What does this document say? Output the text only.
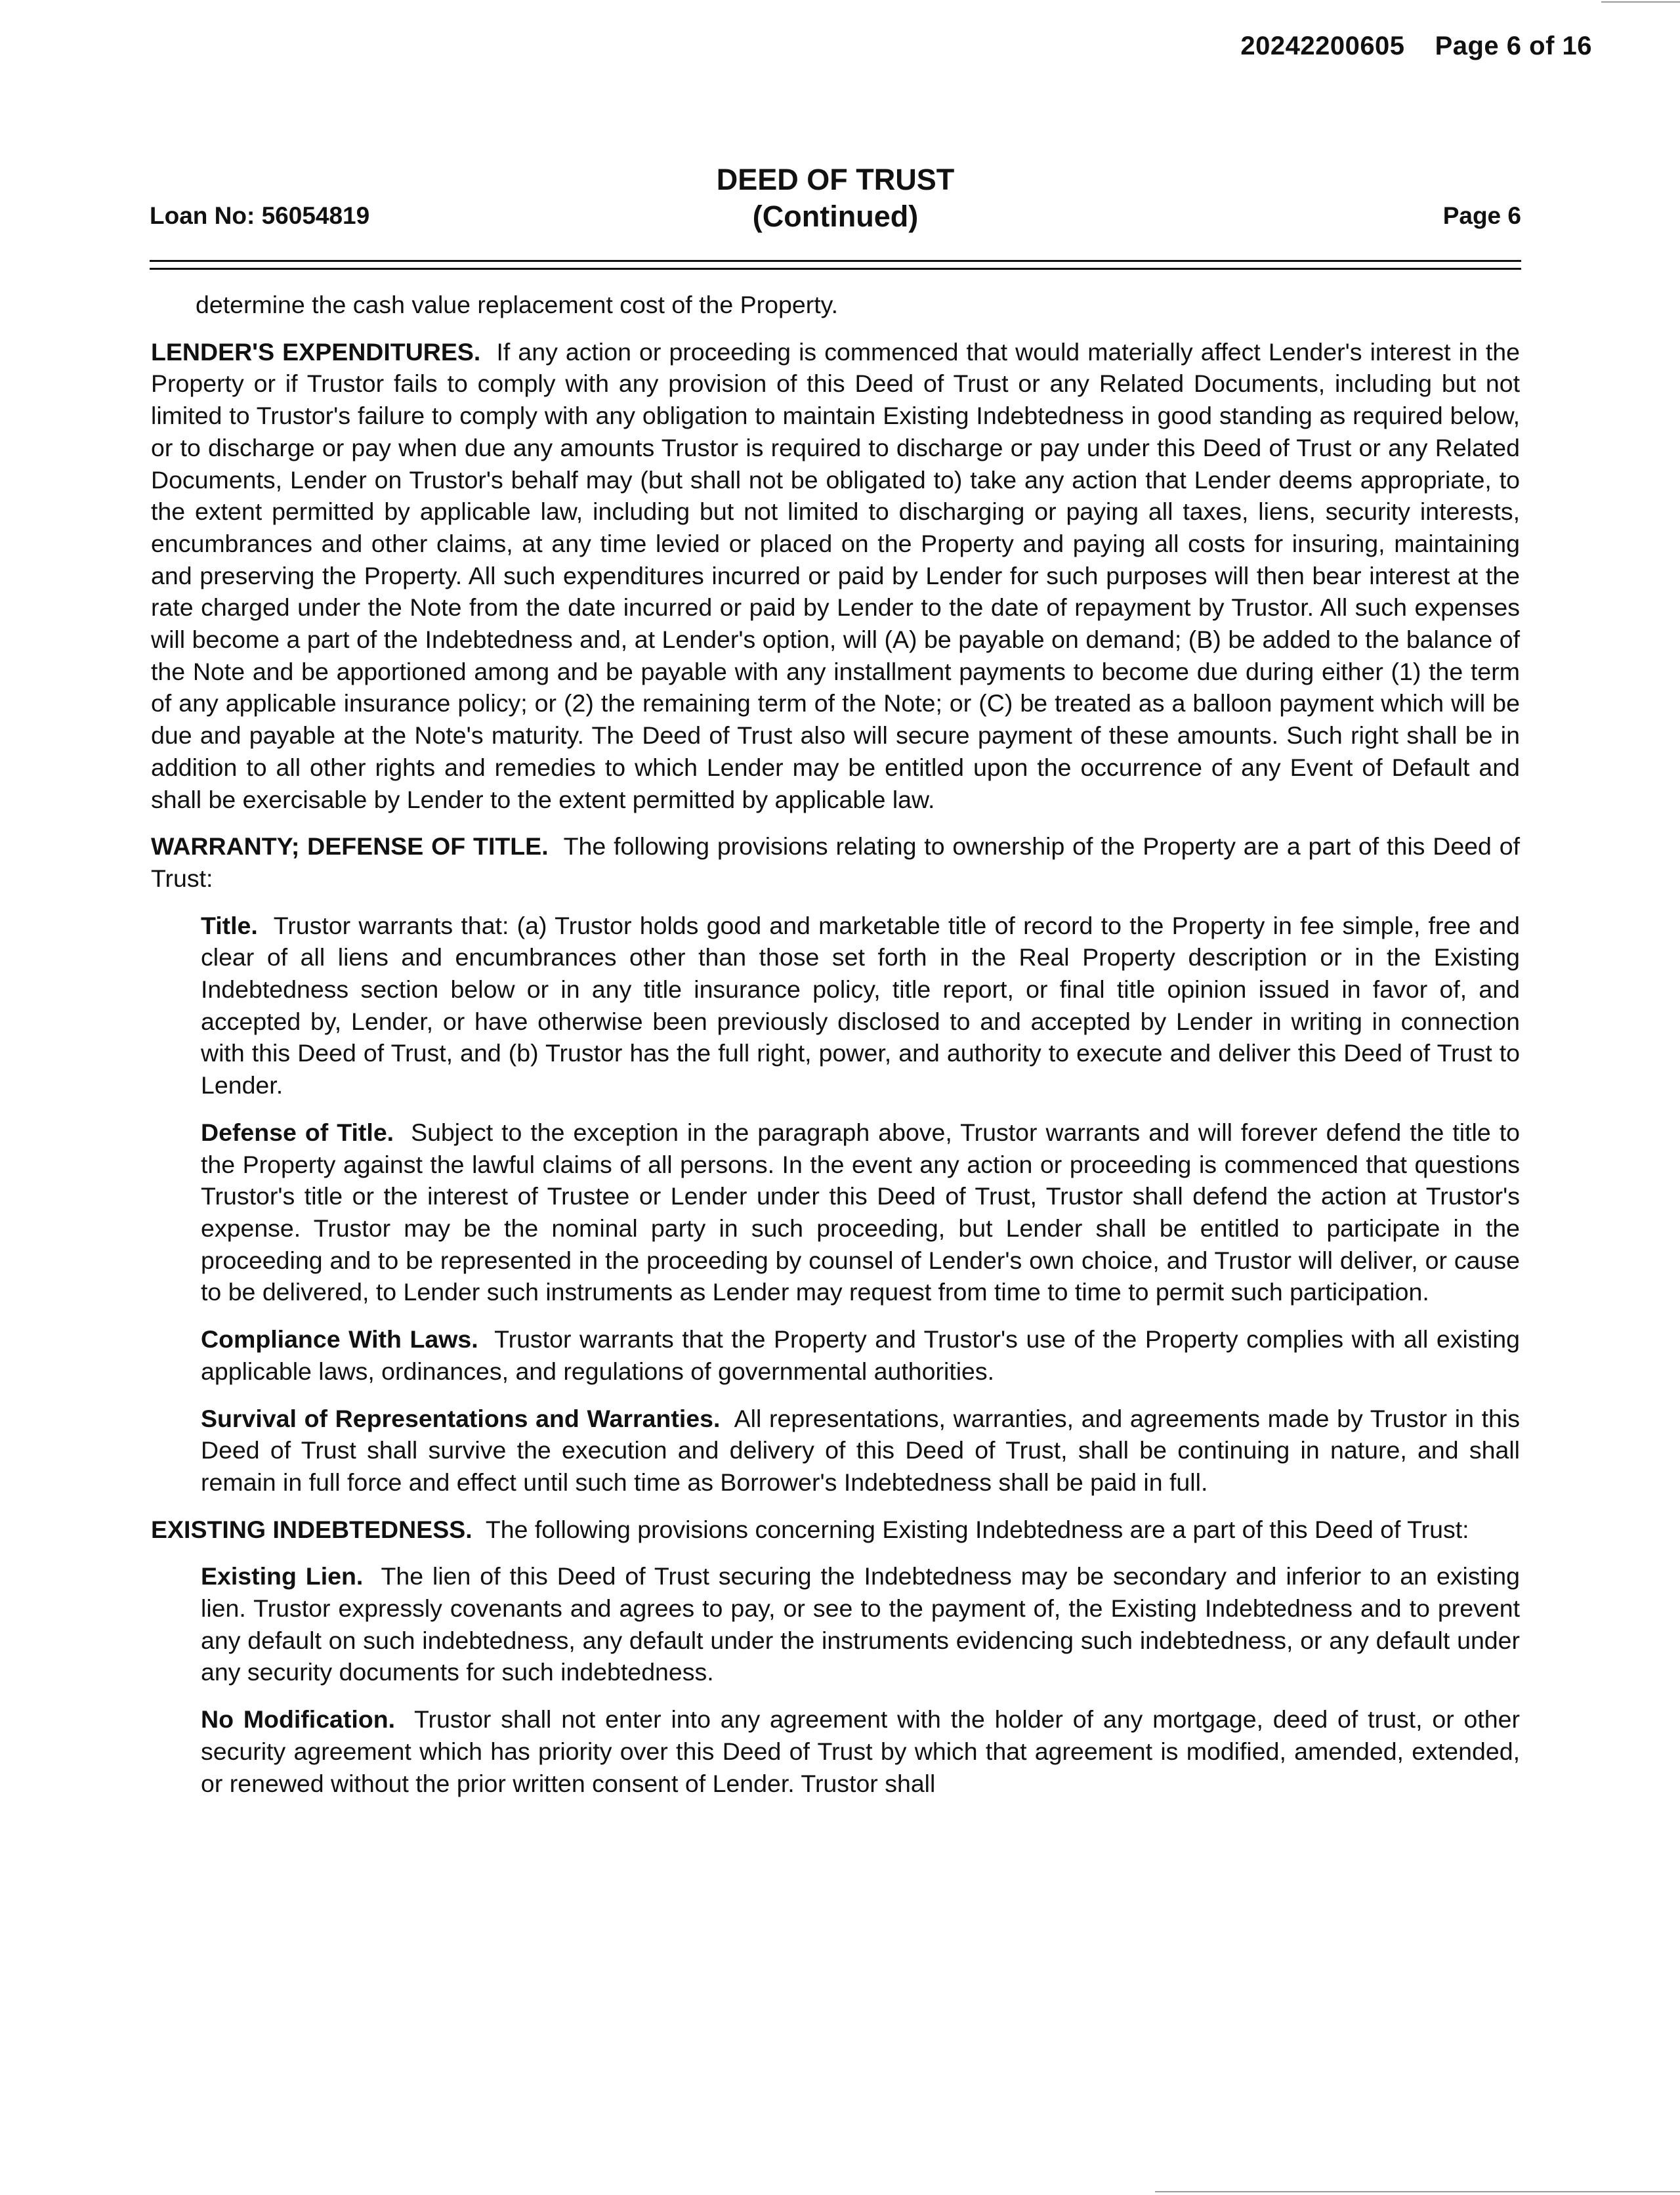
20242200605 Page 6 of 16
Loan No: 56054819
DEED OF TRUST
(Continued)	Page 6

determine the cash value replacement cost of the Property.

LENDER'S EXPENDITURES. If any action or proceeding is commenced that would materially affect Lender's interest in the Property or if Trustor fails to comply with any provision of this Deed of Trust or any Related Documents, including but not limited to Trustor's failure to comply with any obligation to maintain Existing Indebtedness in good standing as required below, or to discharge or pay when due any amounts Trustor is required to discharge or pay under this Deed of Trust or any Related Documents, Lender on Trustor's behalf may (but shall not be obligated to) take any action that Lender deems appropriate, to the extent permitted by applicable law, including but not limited to discharging or paying all taxes, liens, security interests, encumbrances and other claims, at any time levied or placed on the Property and paying all costs for insuring, maintaining and preserving the Property. All such expenditures incurred or paid by Lender for such purposes will then bear interest at the rate charged under the Note from the date incurred or paid by Lender to the date of repayment by Trustor. All such expenses will become a part of the Indebtedness and, at Lender's option, will (A) be payable on demand; (B) be added to the balance of the Note and be apportioned among and be payable with any installment payments to become due during either (1) the term of any applicable insurance policy; or (2) the remaining term of the Note; or (C) be treated as a balloon payment which will be due and payable at the Note's maturity. The Deed of Trust also will secure payment of these amounts. Such right shall be in addition to all other rights and remedies to which Lender may be entitled upon the occurrence of any Event of Default and shall be exercisable by Lender to the extent permitted by applicable law.

WARRANTY; DEFENSE OF TITLE. The following provisions relating to ownership of the Property are a part of this Deed of Trust:

Title. Trustor warrants that: (a) Trustor holds good and marketable title of record to the Property in fee simple, free and clear of all liens and encumbrances other than those set forth in the Real Property description or in the Existing Indebtedness section below or in any title insurance policy, title report, or final title opinion issued in favor of, and accepted by, Lender, or have otherwise been previously disclosed to and accepted by Lender in writing in connection with this Deed of Trust, and (b) Trustor has the full right, power, and authority to execute and deliver this Deed of Trust to Lender.

Defense of Title. Subject to the exception in the paragraph above, Trustor warrants and will forever defend the title to the Property against the lawful claims of all persons. In the event any action or proceeding is commenced that questions Trustor's title or the interest of Trustee or Lender under this Deed of Trust, Trustor shall defend the action at Trustor's expense. Trustor may be the nominal party in such proceeding, but Lender shall be entitled to participate in the proceeding and to be represented in the proceeding by counsel of Lender's own choice, and Trustor will deliver, or cause to be delivered, to Lender such instruments as Lender may request from time to time to permit such participation.

Compliance With Laws. Trustor warrants that the Property and Trustor's use of the Property complies with all existing applicable laws, ordinances, and regulations of governmental authorities.

Survival of Representations and Warranties. All representations, warranties, and agreements made by Trustor in this Deed of Trust shall survive the execution and delivery of this Deed of Trust, shall be continuing in nature, and shall remain in full force and effect until such time as Borrower's Indebtedness shall be paid in full.

EXISTING INDEBTEDNESS. The following provisions concerning Existing Indebtedness are a part of this Deed of Trust:

Existing Lien. The lien of this Deed of Trust securing the Indebtedness may be secondary and inferior to an existing lien. Trustor expressly covenants and agrees to pay, or see to the payment of, the Existing Indebtedness and to prevent any default on such indebtedness, any default under the instruments evidencing such indebtedness, or any default under any security documents for such indebtedness.

No Modification. Trustor shall not enter into any agreement with the holder of any mortgage, deed of trust, or other security agreement which has priority over this Deed of Trust by which that agreement is modified, amended, extended, or renewed without the prior written consent of Lender. Trustor shall
